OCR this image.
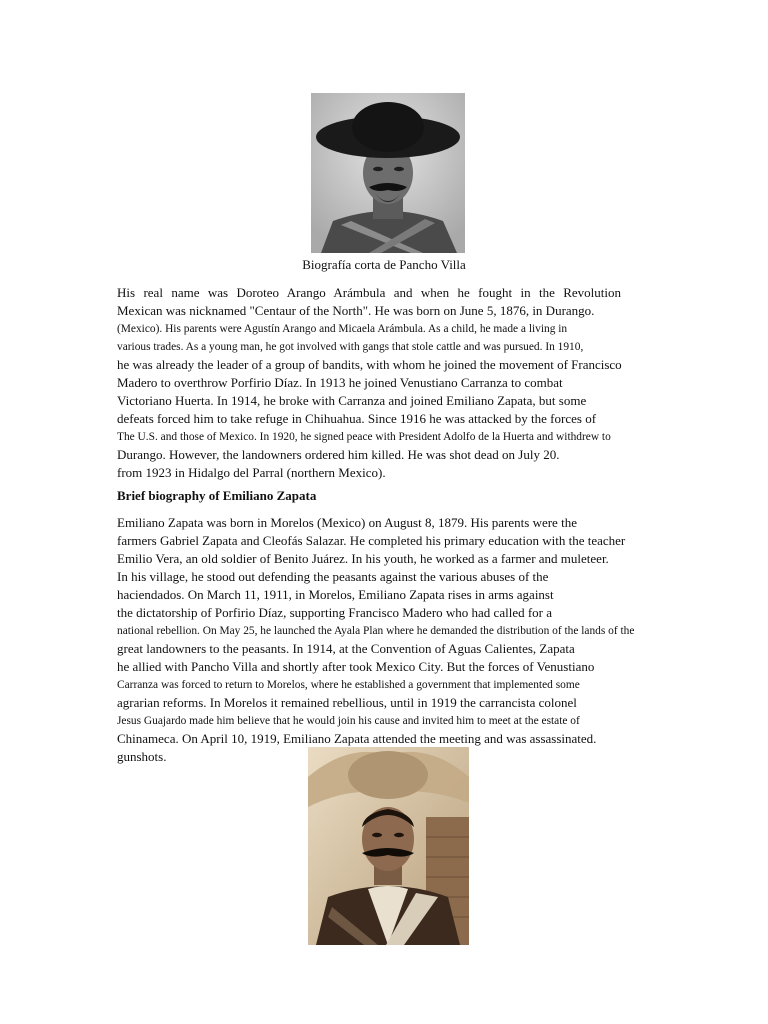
Biografía corta de Pancho Villa
His real name was Doroteo Arango Arámbula and when he fought in the Revolution
Mexican was nicknamed "Centaur of the North". He was born on June 5, 1876, in Durango.
(Mexico). His parents were Agustín Arango and Micaela Arámbula. As a child, he made a living in
various trades. As a young man, he got involved with gangs that stole cattle and was pursued. In 1910,
he was already the leader of a group of bandits, with whom he joined the movement of Francisco
Madero to overthrow Porfirio Díaz. In 1913 he joined Venustiano Carranza to combat
Victoriano Huerta. In 1914, he broke with Carranza and joined Emiliano Zapata, but some
defeats forced him to take refuge in Chihuahua. Since 1916 he was attacked by the forces of
The U.S. and those of Mexico. In 1920, he signed peace with President Adolfo de la Huerta and withdrew to
Durango. However, the landowners ordered him killed. He was shot dead on July 20.
from 1923 in Hidalgo del Parral (northern Mexico).
Brief biography of Emiliano Zapata
Emiliano Zapata was born in Morelos (Mexico) on August 8, 1879. His parents were the
farmers Gabriel Zapata and Cleofás Salazar. He completed his primary education with the teacher
Emilio Vera, an old soldier of Benito Juárez. In his youth, he worked as a farmer and muleteer.
In his village, he stood out defending the peasants against the various abuses of the
haciendados. On March 11, 1911, in Morelos, Emiliano Zapata rises in arms against
the dictatorship of Porfirio Díaz, supporting Francisco Madero who had called for a
national rebellion. On May 25, he launched the Ayala Plan where he demanded the distribution of the lands of the
great landowners to the peasants. In 1914, at the Convention of Aguas Calientes, Zapata
he allied with Pancho Villa and shortly after took Mexico City. But the forces of Venustiano
Carranza was forced to return to Morelos, where he established a government that implemented some
agrarian reforms. In Morelos it remained rebellious, until in 1919 the carrancista colonel
Jesus Guajardo made him believe that he would join his cause and invited him to meet at the estate of
Chinameca. On April 10, 1919, Emiliano Zapata attended the meeting and was assassinated.
gunshots.
